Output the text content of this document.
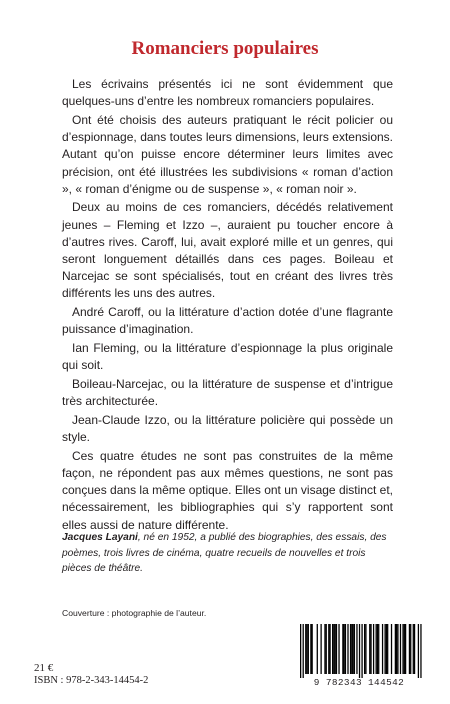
Romanciers populaires

Les écrivains présentés ici ne sont évidemment que quelques-uns d’entre les nombreux romanciers populaires.

Ont été choisis des auteurs pratiquant le récit policier ou d’espionnage, dans toutes leurs dimensions, leurs extensions. Autant qu’on puisse encore déterminer leurs limites avec précision, ont été illustrées les subdivisions « roman d’action », « roman d’énigme ou de suspense », « roman noir ».

Deux au moins de ces romanciers, décédés relativement jeunes – Fleming et Izzo –, auraient pu toucher encore à d’autres rives. Caroff, lui, avait exploré mille et un genres, qui seront longuement détaillés dans ces pages. Boileau et Narcejac se sont spécialisés, tout en créant des livres très différents les uns des autres.

André Caroff, ou la littérature d’action dotée d’une flagrante puissance d’imagination.

Ian Fleming, ou la littérature d’espionnage la plus originale qui soit.

Boileau-Narcejac, ou la littérature de suspense et d’intrigue très architecturée.

Jean-Claude Izzo, ou la littérature policière qui possède un style.

Ces quatre études ne sont pas construites de la même façon, ne répondent pas aux mêmes questions, ne sont pas conçues dans la même optique. Elles ont un visage distinct et, nécessairement, les bibliographies qui s’y rapportent sont elles aussi de nature différente.

Jacques Layani, né en 1952, a publié des biographies, des essais, des poèmes, trois livres de cinéma, quatre recueils de nouvelles et trois pièces de théâtre.
Couverture : photographie de l’auteur.
21 €
ISBN : 978-2-343-14454-2	9 782343 144542
